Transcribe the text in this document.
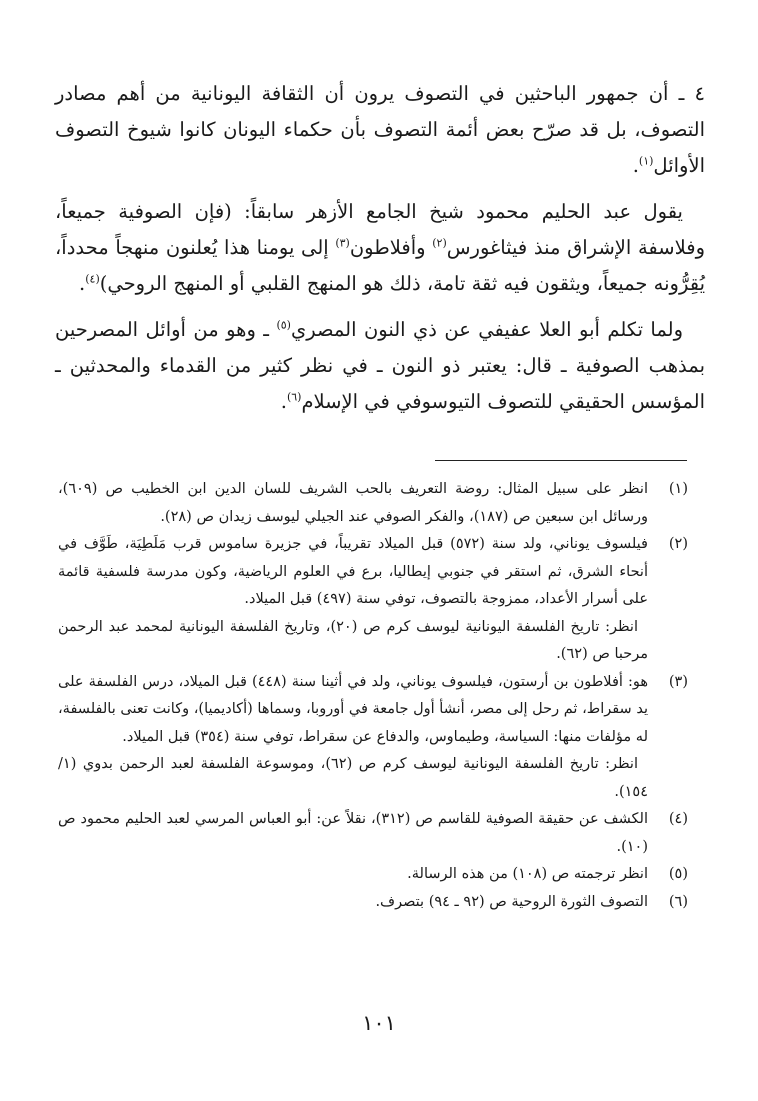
٤ ـ أن جمهور الباحثين في التصوف يرون أن الثقافة اليونانية من أهم مصادر التصوف، بل قد صرّح بعض أئمة التصوف بأن حكماء اليونان كانوا شيوخ التصوف الأوائل$^{(١)}$.

يقول عبد الحليم محمود شيخ الجامع الأزهر سابقاً: (فإن الصوفية جميعاً، وفلاسفة الإشراق منذ فيثاغورس$^{(٢)}$ وأفلاطون$^{(٣)}$ إلى يومنا هذا يُعلنون منهجاً محدداً، يُقِرُّونه جميعاً، ويثقون فيه ثقة تامة، ذلك هو المنهج القلبي أو المنهج الروحي)$^{(٤)}$.

ولما تكلم أبو العلا عفيفي عن ذي النون المصري$^{(٥)}$ ـ وهو من أوائل المصرحين بمذهب الصوفية ـ قال: يعتبر ذو النون ـ في نظر كثير من القدماء والمحدثين ـ المؤسس الحقيقي للتصوف التيوسوفي في الإسلام$^{(٦)}$.

(١)
انظر على سبيل المثال: روضة التعريف بالحب الشريف للسان الدين ابن الخطيب ص (٦٠٩)، ورسائل ابن سبعين ص (١٨٧)، والفكر الصوفي عند الجيلي ليوسف زيدان ص (٢٨).
(٢)
فيلسوف يوناني، ولد سنة (٥٧٢) قبل الميلاد تقريباً، في جزيرة ساموس قرب مَلَطِيَة، طَوَّف في أنحاء الشرق، ثم استقر في جنوبي إيطاليا، برع في العلوم الرياضية، وكون مدرسة فلسفية قائمة على أسرار الأعداد، ممزوجة بالتصوف، توفي سنة (٤٩٧) قبل الميلاد.
انظر: تاريخ الفلسفة اليونانية ليوسف كرم ص (٢٠)، وتاريخ الفلسفة اليونانية لمحمد عبد الرحمن مرحبا ص (٦٢).
(٣)
هو: أفلاطون بن أرستون، فيلسوف يوناني، ولد في أثينا سنة (٤٤٨) قبل الميلاد، درس الفلسفة على يد سقراط، ثم رحل إلى مصر، أنشأ أول جامعة في أوروبا، وسماها (أكاديميا)، وكانت تعنى بالفلسفة، له مؤلفات منها: السياسة، وطيماوس، والدفاع عن سقراط، توفي سنة (٣٥٤) قبل الميلاد.
انظر: تاريخ الفلسفة اليونانية ليوسف كرم ص (٦٢)، وموسوعة الفلسفة لعبد الرحمن بدوي (١/ ١٥٤).
(٤)
الكشف عن حقيقة الصوفية للقاسم ص (٣١٢)، نقلاً عن: أبو العباس المرسي لعبد الحليم محمود ص (١٠).
(٥)
انظر ترجمته ص (١٠٨) من هذه الرسالة.
(٦)
التصوف الثورة الروحية ص (٩٢ ـ ٩٤) بتصرف.
١٠١
